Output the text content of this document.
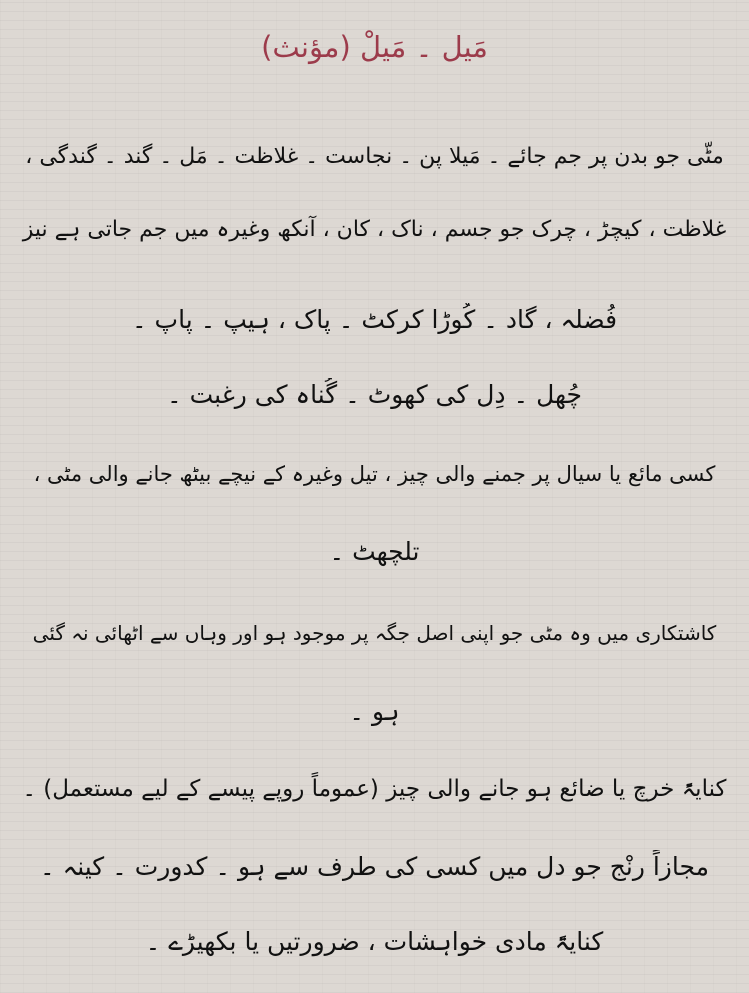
مَیل ۔ مَیلْ (مؤنث)
مٹّی جو بدن پر جم جائے ۔ مَیلا پن ۔ نجاست ۔ غلاظت ۔ مَل ۔ گند ۔ گندگی ،
غلاظت ، کیچڑ ، چرک جو جسم ، ناک ، کان ، آنکھ وغیرہ میں جم جاتی ہے نیز
فُضلہ ، گاد ۔ کُوڑا کرکٹ ۔ پاک ، ہیپ ۔ پاپ ۔
چُھل ۔ دِل کی کھوٹ ۔ گُناہ کی رغبت ۔
کسی مائع یا سیال پر جمنے والی چیز ، تیل وغیرہ کے نیچے بیٹھ جانے والی مٹی ،
تلچھٹ ۔
کاشتکاری میں وہ مٹی جو اپنی اصل جگہ پر موجود ہو اور وہاں سے اٹھائی نہ گئی
ہو ۔
کنایۃً خرچ یا ضائع ہو جانے والی چیز (عموماً روپے پیسے کے لیے مستعمل) ۔
مجازاً رنْج جو دل میں کسی کی طرف سے ہو ۔ کدورت ۔ کینہ ۔
کنایۃً مادی خواہشات ، ضرورتیں یا بکھیڑے ۔
